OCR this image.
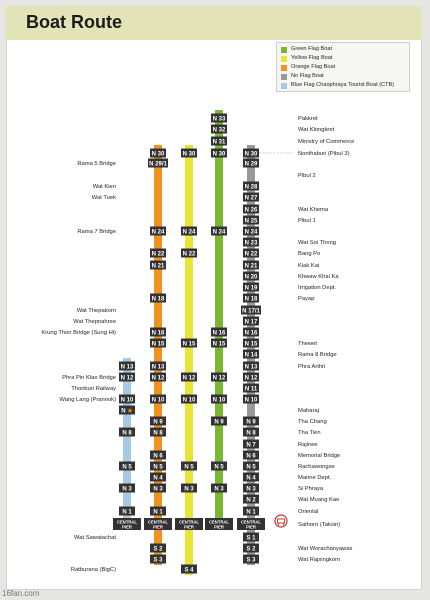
Boat Route
Green Flag Boat
Yellow Flag Boat
Orange Flag Boat
No Flag Boat
Blue Flag Chaophraya Tourist Boat (CTB)
N 13
N 12
N 10
N ★
N 8
N 5
N 3
N 1
CENTRAL
PIER
N 30
N 29/1
N 24
N 22
N 21
N 18
N 16
N 15
N 13
N 12
N 10
N 9
N 8
N 6
N 5
N 4
N 3
N 1
CENTRAL
PIER
S 2
S 3
N 30
N 24
N 22
N 15
N 12
N 10
N 5
N 3
CENTRAL
PIER
S 4
N 33
N 32
N 31
N 30
N 24
N 16
N 15
N 12
N 10
N 9
N 5
N 3
CENTRAL
PIER
N 30
N 29
N 28
N 27
N 26
N 25
N 24
N 23
N 22
N 21
N 20
N 19
N 18
N 17/1
N 17
N 16
N 15
N 14
N 13
N 12
N 11
N 10
N 9
N 8
N 7
N 6
N 5
N 4
N 3
N 2
N 1
CENTRAL
PIER
S 1
S 2
S 3
Pakkret
Wat Klongkret
Ministry of Commerce
Nonthaburi (Pibul 3)
Pibul 2
Wat Khema
Pibul 1
Wat Soi Thong
Bang Po
Kiak Kai
Khwaw Khai Ka
Irrigation Dept.
Payap
Thewet
Rama 8 Bridge
Phra Arthit
Maharaj
Tha Chang
Tha Tien
Rajinee
Memorial Bridge
Rachawongse
Marine Dept.
Si Phraya
Wat Muang Kae
Oriental
Sathorn (Taksin)
Wat Worachanyawas
Wat Rajsingkorn
Rama 5 Bridge
Wat Kien
Wat Tuek
Rama 7 Bridge
Wat Thepakorn
Wat Thepnahree
Krung Thon Bridge (Sung Hi)
Phra Pin Klao Bridge
Thonburi Railway
Wang Lang (Prannok)
Wat Sawatachat
Ratburana (BigC)
16fan.com
